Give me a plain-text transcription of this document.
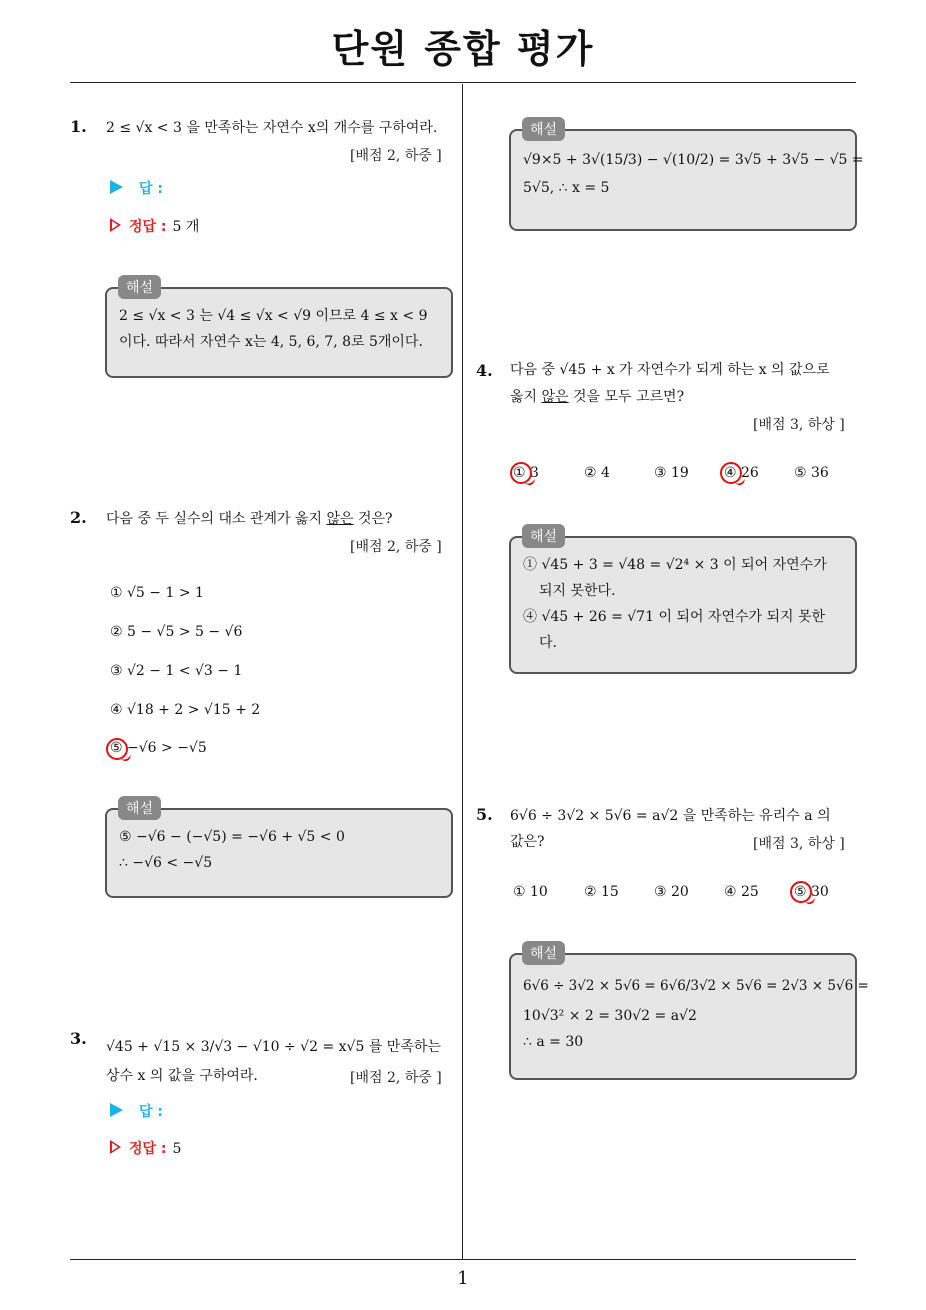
단원 종합 평가
1
1. 2 ≤ √x < 3 을 만족하는 자연수 x의 개수를 구하여라.
[배점 2, 하중 ]
답 :
정답 : 5 개
2 ≤ √x < 3 는 √4 ≤ √x < √9 이므로 4 ≤ x < 9
이다. 따라서 자연수 x는 4, 5, 6, 7, 8로 5개이다.
해설
2. 다음 중 두 실수의 대소 관계가 옳지 않은 것은?
[배점 2, 하중 ]
① √5 − 1 > 1
② 5 − √5 > 5 − √6
③ √2 − 1 < √3 − 1
④ √18 + 2 > √15 + 2
⑤ −√6 > −√5
⑤ −√6 − (−√5) = −√6 + √5 < 0
∴ −√6 < −√5
해설
3. √45 + √15 × 3/√3 − √10 ÷ √2 = x√5 를 만족하는
상수 x 의 값을 구하여라.	[배점 2, 하중 ]
답 :
정답 : 5
√9×5 + 3√(15/3) − √(10/2) = 3√5 + 3√5 − √5 =
5√5, ∴ x = 5
해설
4. 다음 중 √45 + x 가 자연수가 되게 하는 x 의 값으로
옳지 않은 것을 모두 고르면?
[배점 3, 하상 ]
① 3	② 4	③ 19	④ 26	⑤ 36
① √45 + 3 = √48 = √2⁴ × 3 이 되어 자연수가
되지 못한다.
④ √45 + 26 = √71 이 되어 자연수가 되지 못한
다.
해설
5. 6√6 ÷ 3√2 × 5√6 = a√2 을 만족하는 유리수 a 의
값은?	[배점 3, 하상 ]
① 10	② 15	③ 20	④ 25	⑤ 30
6√6 ÷ 3√2 × 5√6 = 6√6/3√2 × 5√6 = 2√3 × 5√6 =
10√3² × 2 = 30√2 = a√2
∴ a = 30
해설
